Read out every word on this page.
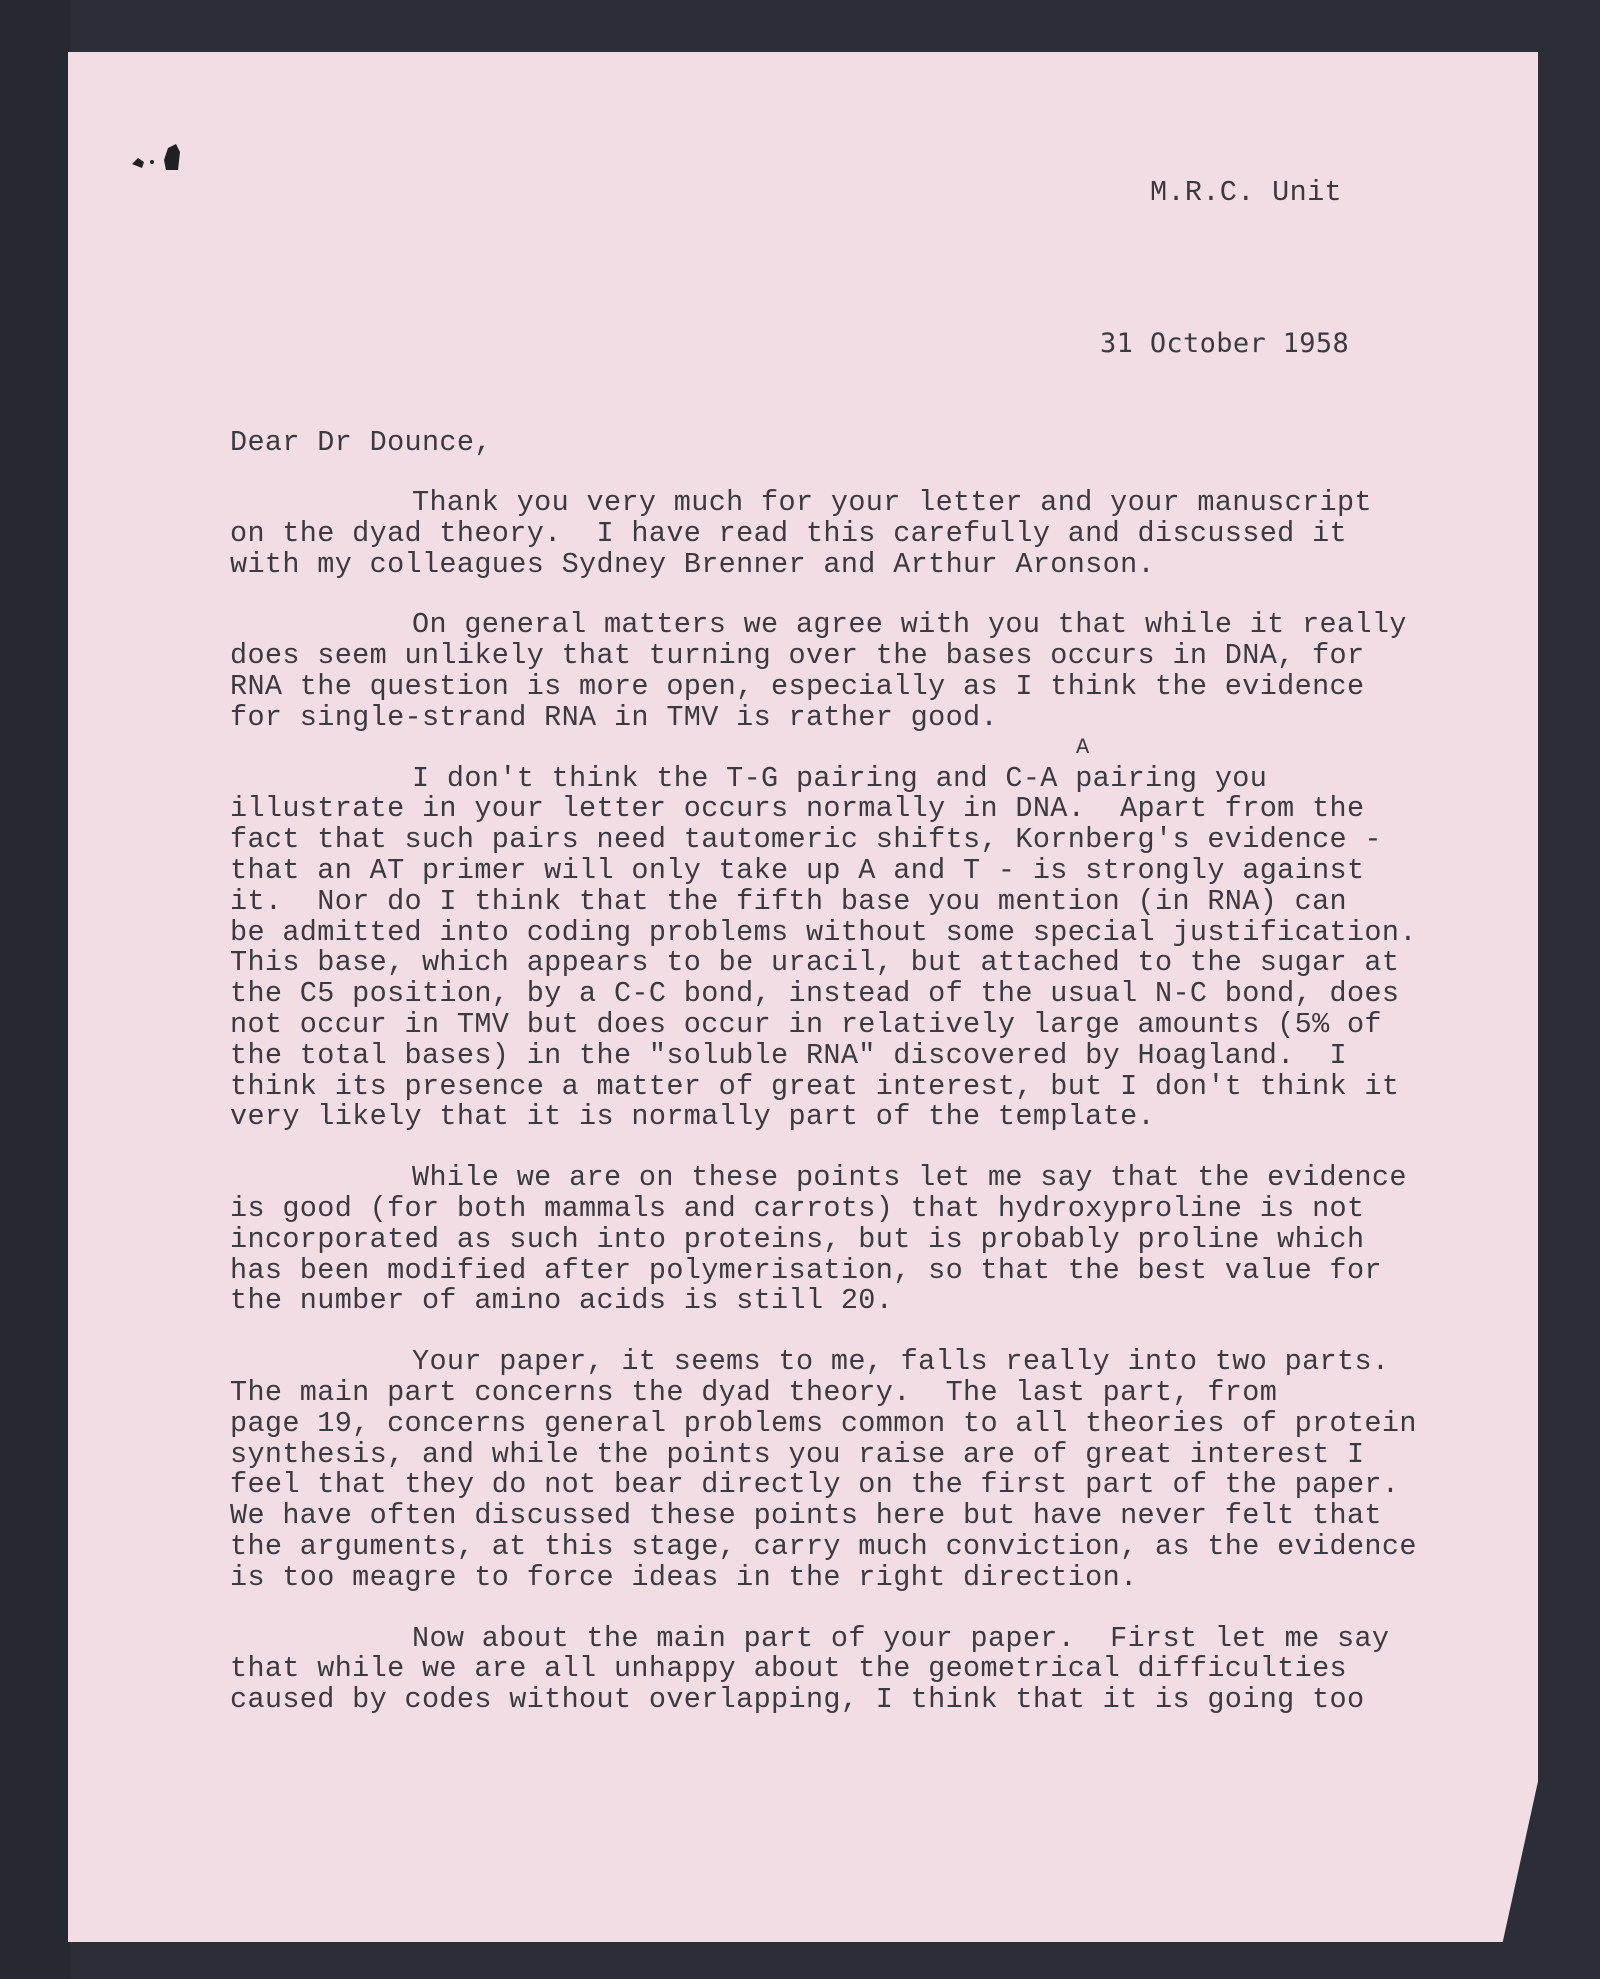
M.R.C. Unit
31 October 1958
Dear Dr Dounce,
A
Thank you very much for your letter and your manuscript
on the dyad theory.  I have read this carefully and discussed it
with my colleagues Sydney Brenner and Arthur Aronson.
On general matters we agree with you that while it really
does seem unlikely that turning over the bases occurs in DNA, for
RNA the question is more open, especially as I think the evidence
for single-strand RNA in TMV is rather good.
I don't think the T-G pairing and C-A pairing you
illustrate in your letter occurs normally in DNA.  Apart from the
fact that such pairs need tautomeric shifts, Kornberg's evidence -
that an AT primer will only take up A and T - is strongly against
it.  Nor do I think that the fifth base you mention (in RNA) can
be admitted into coding problems without some special justification.
This base, which appears to be uracil, but attached to the sugar at
the C5 position, by a C-C bond, instead of the usual N-C bond, does
not occur in TMV but does occur in relatively large amounts (5% of
the total bases) in the "soluble RNA" discovered by Hoagland.  I
think its presence a matter of great interest, but I don't think it
very likely that it is normally part of the template.
While we are on these points let me say that the evidence
is good (for both mammals and carrots) that hydroxyproline is not
incorporated as such into proteins, but is probably proline which
has been modified after polymerisation, so that the best value for
the number of amino acids is still 20.
Your paper, it seems to me, falls really into two parts.
The main part concerns the dyad theory.  The last part, from
page 19, concerns general problems common to all theories of protein
synthesis, and while the points you raise are of great interest I
feel that they do not bear directly on the first part of the paper.
We have often discussed these points here but have never felt that
the arguments, at this stage, carry much conviction, as the evidence
is too meagre to force ideas in the right direction.
Now about the main part of your paper.  First let me say
that while we are all unhappy about the geometrical difficulties
caused by codes without overlapping, I think that it is going too
